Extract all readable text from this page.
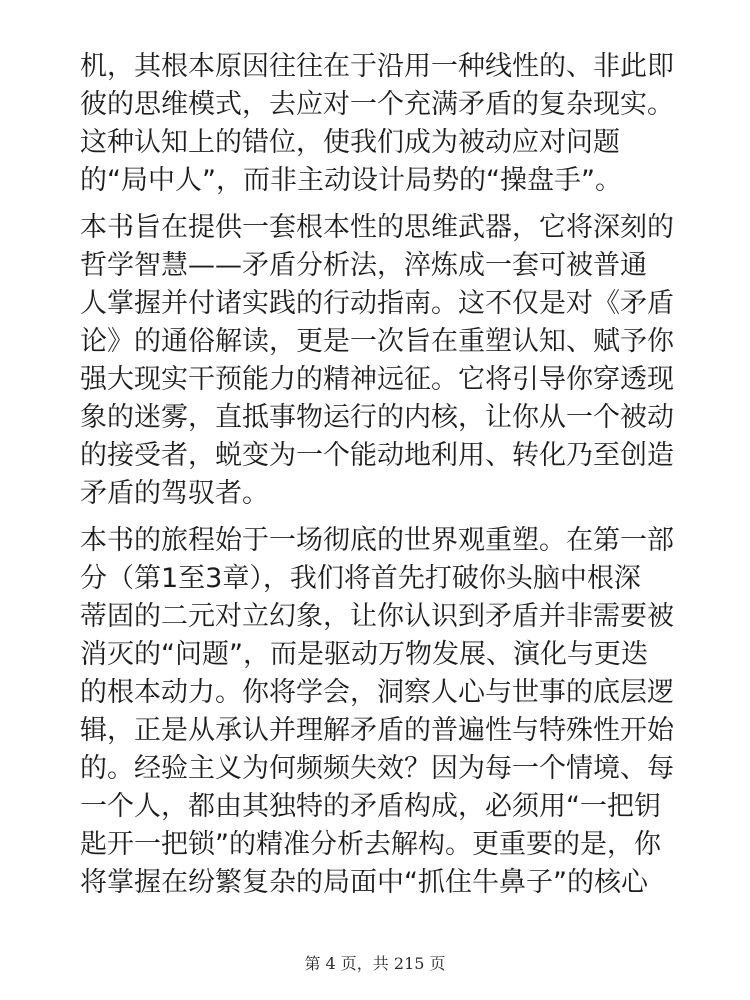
机，其根本原因往往在于沿用一种线性的、非此即
彼的思维模式，去应对一个充满矛盾的复杂现实。
这种认知上的错位，使我们成为被动应对问题
的“局中人”，而非主动设计局势的“操盘手”。
本书旨在提供一套根本性的思维武器，它将深刻的
哲学智慧——矛盾分析法，淬炼成一套可被普通
人掌握并付诸实践的行动指南。这不仅是对《矛盾
论》的通俗解读，更是一次旨在重塑认知、赋予你
强大现实干预能力的精神远征。它将引导你穿透现
象的迷雾，直抵事物运行的内核，让你从一个被动
的接受者，蜕变为一个能动地利用、转化乃至创造
矛盾的驾驭者。
本书的旅程始于一场彻底的世界观重塑。在第一部
分（第1至3章），我们将首先打破你头脑中根深
蒂固的二元对立幻象，让你认识到矛盾并非需要被
消灭的“问题”，而是驱动万物发展、演化与更迭
的根本动力。你将学会，洞察人心与世事的底层逻
辑，正是从承认并理解矛盾的普遍性与特殊性开始
的。经验主义为何频频失效？因为每一个情境、每
一个人，都由其独特的矛盾构成，必须用“一把钥
匙开一把锁”的精准分析去解构。更重要的是，你
将掌握在纷繁复杂的局面中“抓住牛鼻子”的核心
第 4 页，共 215 页
